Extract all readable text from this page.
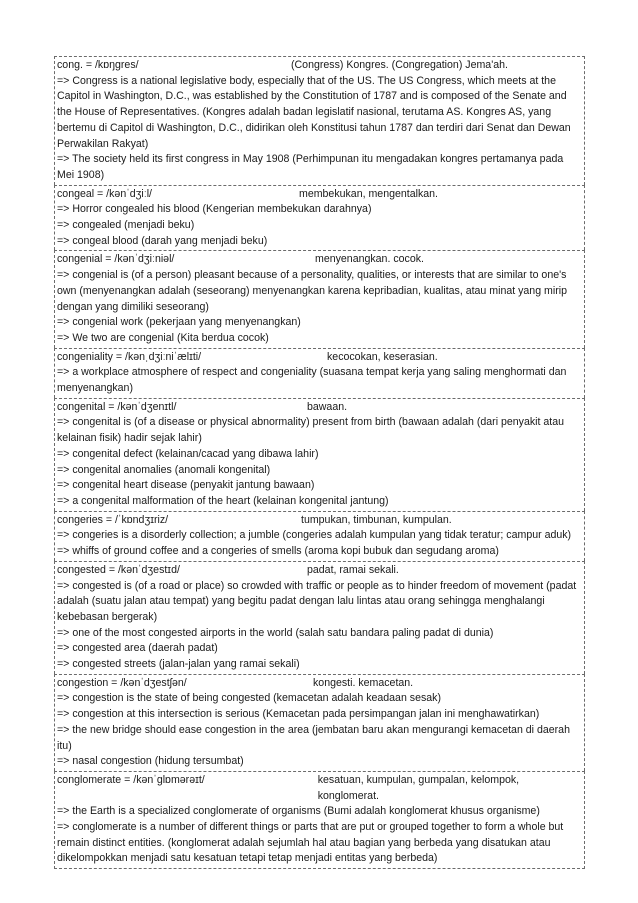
cong. = /kɒŋgres/	(Congress) Kongres. (Congregation) Jema'ah.
=> Congress is a national legislative body, especially that of the US. The US Congress, which meets at the Capitol in Washington, D.C., was established by the Constitution of 1787 and is composed of the Senate and the House of Representatives. (Kongres adalah badan legislatif nasional, terutama AS. Kongres AS, yang bertemu di Capitol di Washington, D.C., didirikan oleh Konstitusi tahun 1787 dan terdiri dari Senat dan Dewan Perwakilan Rakyat)
=> The society held its first congress in May 1908 (Perhimpunan itu mengadakan kongres pertamanya pada Mei 1908)
congeal = /kənˈdʒiːl/	membekukan, mengentalkan.
=> Horror congealed his blood (Kengerian membekukan darahnya)
=> congealed (menjadi beku)
=> congeal blood (darah yang menjadi beku)
congenial = /kənˈdʒiːniəl/	menyenangkan. cocok.
=> congenial is (of a person) pleasant because of a personality, qualities, or interests that are similar to one's own (menyenangkan adalah (seseorang) menyenangkan karena kepribadian, kualitas, atau minat yang mirip dengan yang dimiliki seseorang)
=> congenial work (pekerjaan yang menyenangkan)
=> We two are congenial (Kita berdua cocok)
congeniality = /kənˌdʒiːniˈælɪti/	kecocokan, keserasian.
=> a workplace atmosphere of respect and congeniality (suasana tempat kerja yang saling menghormati dan menyenangkan)
congenital = /kənˈdʒenɪtl/	bawaan.
=> congenital is (of a disease or physical abnormality) present from birth (bawaan adalah (dari penyakit atau kelainan fisik) hadir sejak lahir)
=> congenital defect (kelainan/cacad yang dibawa lahir)
=> congenital anomalies (anomali kongenital)
=> congenital heart disease (penyakit jantung bawaan)
=> a congenital malformation of the heart (kelainan kongenital jantung)
congeries = /ˈkɒndʒɪriz/	tumpukan, timbunan, kumpulan.
=> congeries is a disorderly collection; a jumble (congeries adalah kumpulan yang tidak teratur; campur aduk)
=> whiffs of ground coffee and a congeries of smells (aroma kopi bubuk dan segudang aroma)
congested = /kənˈdʒestɪd/	padat, ramai sekali.
=> congested is (of a road or place) so crowded with traffic or people as to hinder freedom of movement (padat adalah (suatu jalan atau tempat) yang begitu padat dengan lalu lintas atau orang sehingga menghalangi kebebasan bergerak)
=> one of the most congested airports in the world (salah satu bandara paling padat di dunia)
=> congested area (daerah padat)
=> congested streets (jalan-jalan yang ramai sekali)
congestion = /kənˈdʒestʃən/	kongesti. kemacetan.
=> congestion is the state of being congested (kemacetan adalah keadaan sesak)
=> congestion at this intersection is serious (Kemacetan pada persimpangan jalan ini menghawatirkan)
=> the new bridge should ease congestion in the area (jembatan baru akan mengurangi kemacetan di daerah itu)
=> nasal congestion (hidung tersumbat)
conglomerate = /kənˈglɒmərəɪt/	kesatuan, kumpulan, gumpalan, kelompok, konglomerat.
=> the Earth is a specialized conglomerate of organisms (Bumi adalah konglomerat khusus organisme)
=> conglomerate is a number of different things or parts that are put or grouped together to form a whole but remain distinct entities. (konglomerat adalah sejumlah hal atau bagian yang berbeda yang disatukan atau dikelompokkan menjadi satu kesatuan tetapi tetap menjadi entitas yang berbeda)
